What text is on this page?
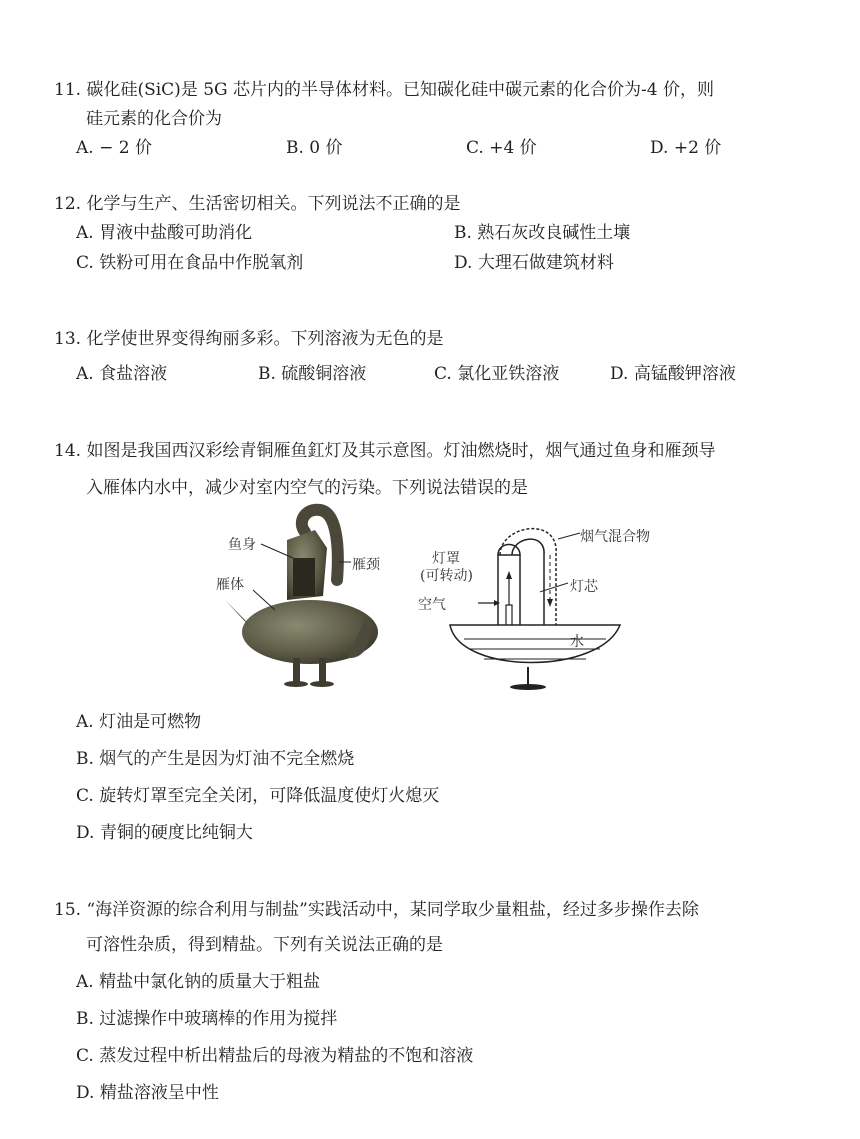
11. 碳化硅(SiC)是 5G 芯片内的半导体材料。已知碳化硅中碳元素的化合价为-4 价，则
硅元素的化合价为
A. − 2 价	B. 0 价	C. +4 价	D. +2 价
12. 化学与生产、生活密切相关。下列说法不正确的是
A. 胃液中盐酸可助消化	B. 熟石灰改良碱性土壤
C. 铁粉可用在食品中作脱氧剂	D. 大理石做建筑材料
13. 化学使世界变得绚丽多彩。下列溶液为无色的是
A. 食盐溶液	B. 硫酸铜溶液	C. 氯化亚铁溶液	D. 高锰酸钾溶液
14. 如图是我国西汉彩绘青铜雁鱼釭灯及其示意图。灯油燃烧时，烟气通过鱼身和雁颈导
入雁体内水中，减少对室内空气的污染。下列说法错误的是
鱼身
雁颈
雁体
烟气混合物
灯罩
(可转动)
灯芯
空气
水
A. 灯油是可燃物
B. 烟气的产生是因为灯油不完全燃烧
C. 旋转灯罩至完全关闭，可降低温度使灯火熄灭
D. 青铜的硬度比纯铜大
15. “海洋资源的综合利用与制盐”实践活动中，某同学取少量粗盐，经过多步操作去除
可溶性杂质，得到精盐。下列有关说法正确的是
A. 精盐中氯化钠的质量大于粗盐
B. 过滤操作中玻璃棒的作用为搅拌
C. 蒸发过程中析出精盐后的母液为精盐的不饱和溶液
D. 精盐溶液呈中性
